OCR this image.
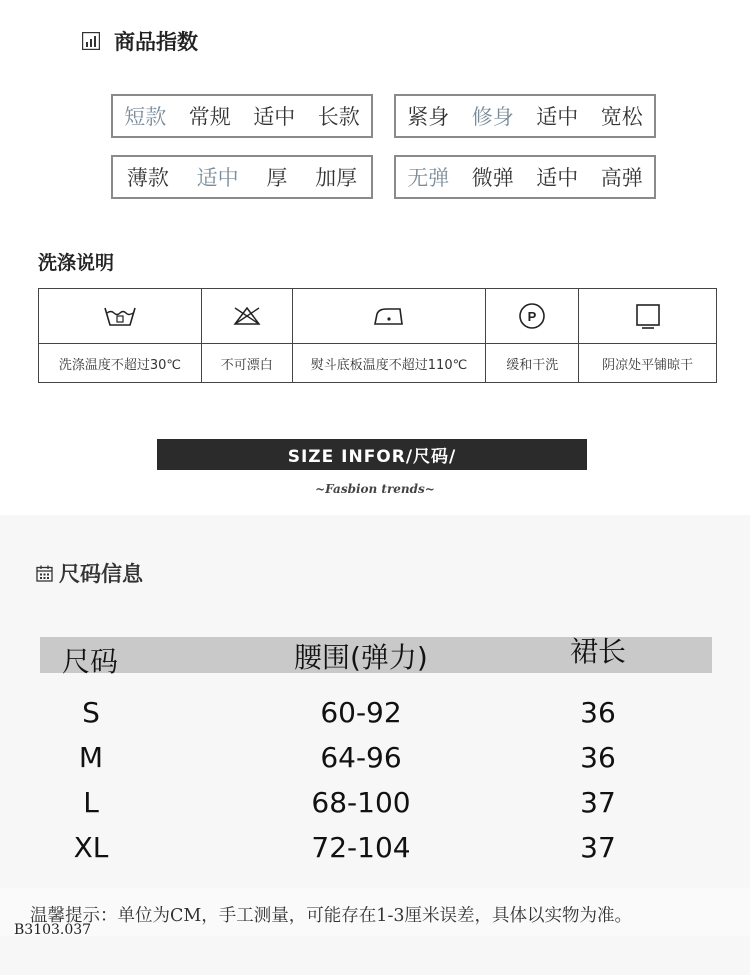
商品指数
短款 常规 适中 长款 紧身 修身 适中 宽松
薄款 适中 厚 加厚 无弹 微弹 适中 高弹
洗涤说明

P

洗涤温度不超过30℃	不可漂白	熨斗底板温度不超过110℃	缓和干洗	阴凉处平铺晾干
SIZE INFOR/尺码/
~Fasbion trends~
尺码信息
尺码	腰围(弹力)	裙长
S	60-92	36
M	64-96	36
L	68-100	37
XL	72-104	37
温馨提示：单位为CM，手工测量，可能存在1-3厘米误差，具体以实物为准。
B3103.037
